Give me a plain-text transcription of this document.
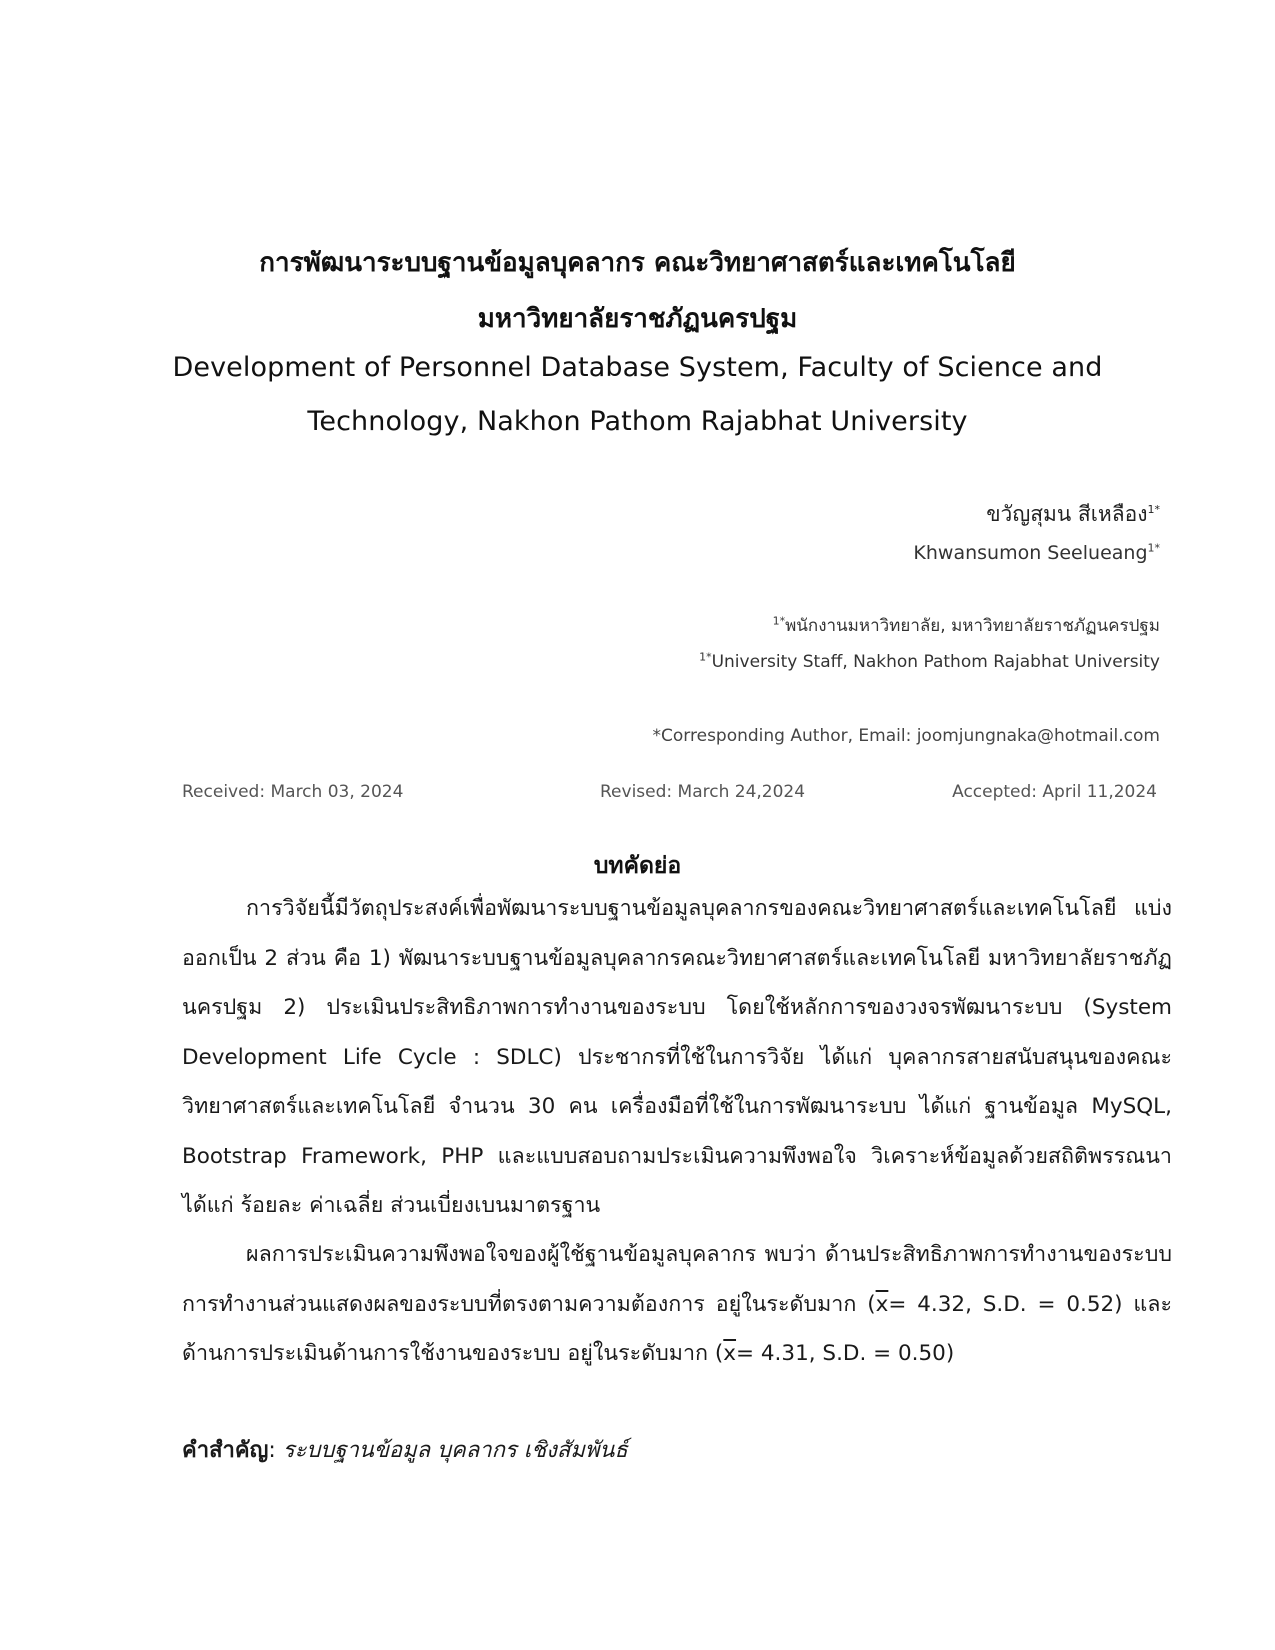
การพัฒนาระบบฐานข้อมูลบุคลากร คณะวิทยาศาสตร์และเทคโนโลยี
มหาวิทยาลัยราชภัฏนครปฐม
Development of Personnel Database System, Faculty of Science and
Technology, Nakhon Pathom Rajabhat University
ขวัญสุมน สีเหลือง$^{1*}$
Khwansumon Seelueang$^{1*}$
$^{1*}$พนักงานมหาวิทยาลัย, มหาวิทยาลัยราชภัฏนครปฐม
$^{1*}$University Staff, Nakhon Pathom Rajabhat University
*Corresponding Author, Email: joomjungnaka@hotmail.com
Received: March 03, 2024	Revised: March 24,2024	Accepted: April 11,2024
บทคัดย่อ

การวิจัยนี้มีวัตถุประสงค์เพื่อพัฒนาระบบฐานข้อมูลบุคลากรของคณะวิทยาศาสตร์และเทคโนโลยี แบ่งออกเป็น 2 ส่วน คือ 1) พัฒนาระบบฐานข้อมูลบุคลากรคณะวิทยาศาสตร์และเทคโนโลยี มหาวิทยาลัยราชภัฏนครปฐม 2) ประเมินประสิทธิภาพการทำงานของระบบ โดยใช้หลักการของวงจรพัฒนาระบบ (System Development Life Cycle : SDLC) ประชากรที่ใช้ในการวิจัย ได้แก่ บุคลากรสายสนับสนุนของคณะวิทยาศาสตร์และเทคโนโลยี จำนวน 30 คน เครื่องมือที่ใช้ในการพัฒนาระบบ ได้แก่ ฐานข้อมูล MySQL, Bootstrap Framework, PHP และแบบสอบถามประเมินความพึงพอใจ วิเคราะห์ข้อมูลด้วยสถิติพรรณนา ได้แก่ ร้อยละ ค่าเฉลี่ย ส่วนเบี่ยงเบนมาตรฐาน

ผลการประเมินความพึงพอใจของผู้ใช้ฐานข้อมูลบุคลากร พบว่า ด้านประสิทธิภาพการทำงานของระบบการทำงานส่วนแสดงผลของระบบที่ตรงตามความต้องการ อยู่ในระดับมาก ($\overline{x}= 4.32$, S.D. = 0.52) และด้านการประเมินด้านการใช้งานของระบบ อยู่ในระดับมาก ($\overline{x}= 4.31$, S.D. = 0.50)

คำสำคัญ: ระบบฐานข้อมูล บุคลากร เชิงสัมพันธ์
